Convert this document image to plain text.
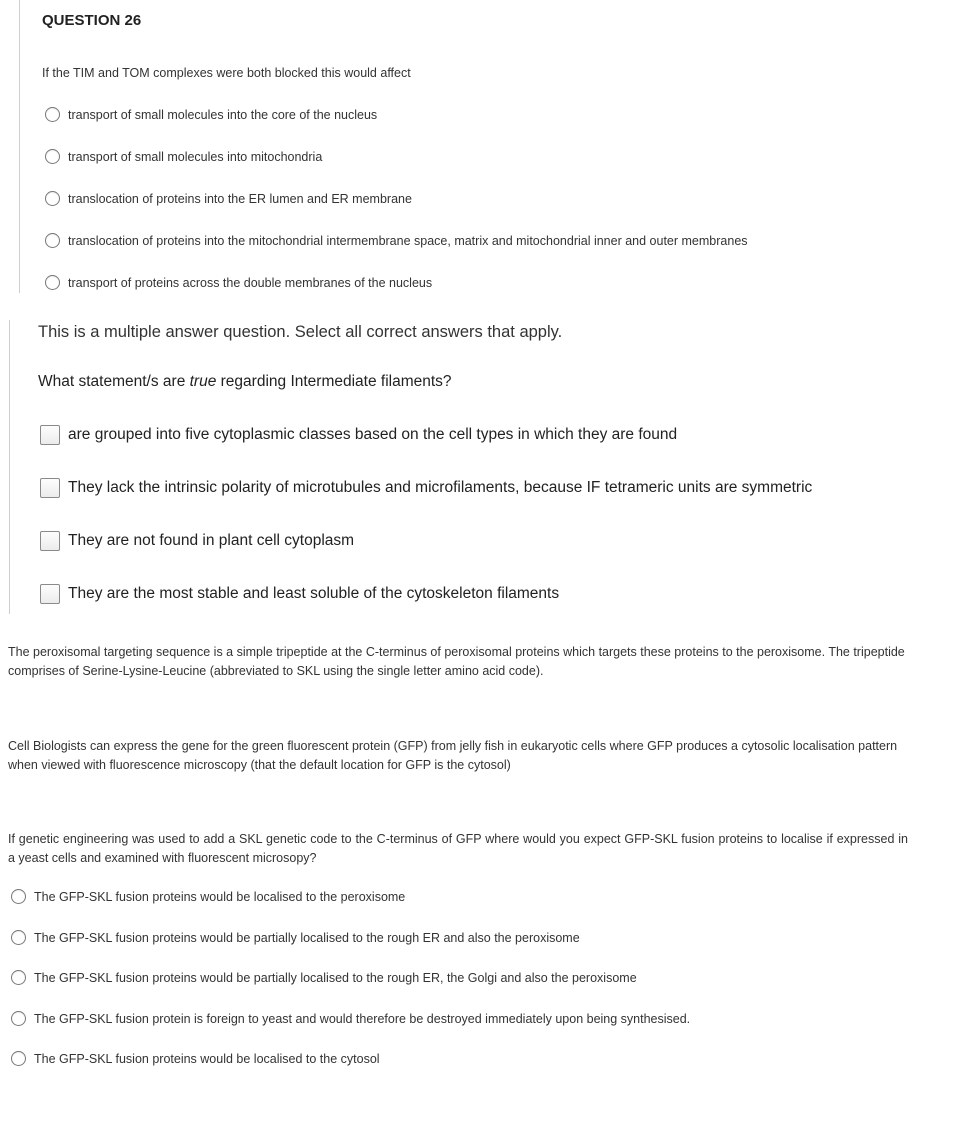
QUESTION 26
If the TIM and TOM complexes were both blocked this would affect
transport of small molecules into the core of the nucleus
transport of small molecules into mitochondria
translocation of proteins into the ER lumen and ER membrane
translocation of proteins into the mitochondrial intermembrane space, matrix and mitochondrial inner and outer membranes
transport of proteins across the double membranes of the nucleus
This is a multiple answer question. Select all correct answers that apply.
What statement/s are true regarding Intermediate filaments?
are grouped into five cytoplasmic classes based on the cell types in which they are found
They lack the intrinsic polarity of microtubules and microfilaments, because IF tetrameric units are symmetric
They are not found in plant cell cytoplasm
They are the most stable and least soluble of the cytoskeleton filaments
The peroxisomal targeting sequence is a simple tripeptide at the C-terminus of peroxisomal proteins which targets these proteins to the peroxisome. The tripeptide comprises of Serine-Lysine-Leucine (abbreviated to SKL using the single letter amino acid code).
Cell Biologists can express the gene for the green fluorescent protein (GFP) from jelly fish in eukaryotic cells where GFP produces a cytosolic localisation pattern when viewed with fluorescence microscopy (that the default location for GFP is the cytosol)
If genetic engineering was used to add a SKL genetic code to the C-terminus of GFP where would you expect GFP-SKL fusion proteins to localise if expressed in a yeast cells and examined with fluorescent microsopy?
The GFP-SKL fusion proteins would be localised to the peroxisome
The GFP-SKL fusion proteins would be partially localised to the rough ER and also the peroxisome
The GFP-SKL fusion proteins would be partially localised to the rough ER, the Golgi and also the peroxisome
The GFP-SKL fusion protein is foreign to yeast and would therefore be destroyed immediately upon being synthesised.
The GFP-SKL fusion proteins would be localised to the cytosol
